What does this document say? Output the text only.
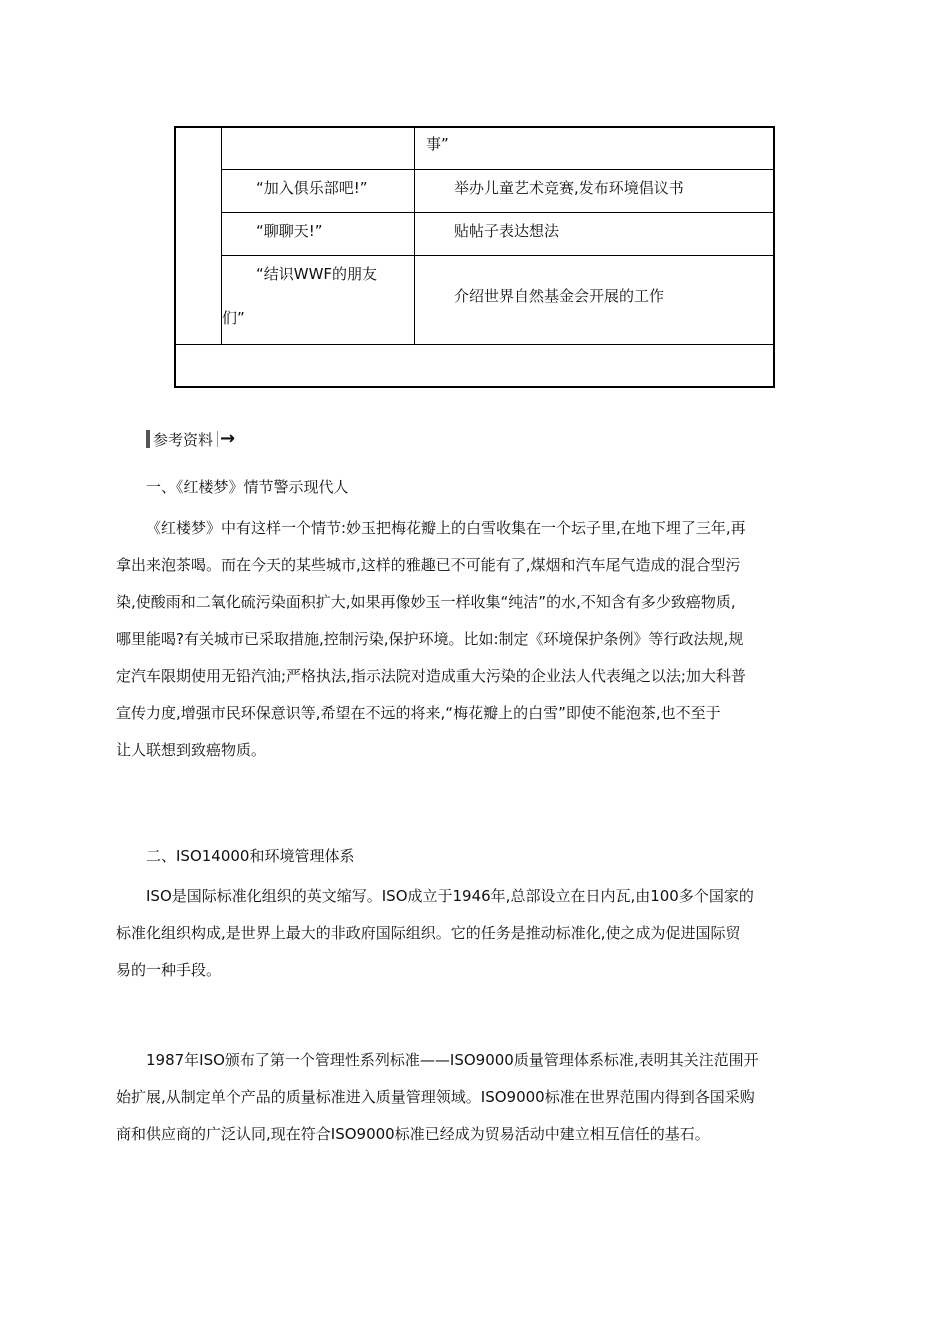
事”
“加入俱乐部吧!”	举办儿童艺术竞赛,发布环境倡议书
“聊聊天!”	贴帖子表达想法
“结识WWF的朋友
们”
介绍世界自然基金会开展的工作
参考资料 →
一、《红楼梦》情节警示现代人
《红楼梦》中有这样一个情节:妙玉把梅花瓣上的白雪收集在一个坛子里,在地下埋了三年,再
拿出来泡茶喝。而在今天的某些城市,这样的雅趣已不可能有了,煤烟和汽车尾气造成的混合型污
染,使酸雨和二氧化硫污染面积扩大,如果再像妙玉一样收集“纯洁”的水,不知含有多少致癌物质,
哪里能喝?有关城市已采取措施,控制污染,保护环境。比如:制定《环境保护条例》等行政法规,规
定汽车限期使用无铅汽油;严格执法,指示法院对造成重大污染的企业法人代表绳之以法;加大科普
宣传力度,增强市民环保意识等,希望在不远的将来,“梅花瓣上的白雪”即使不能泡茶,也不至于
让人联想到致癌物质。
二、ISO14000和环境管理体系
ISO是国际标准化组织的英文缩写。ISO成立于1946年,总部设立在日内瓦,由100多个国家的
标准化组织构成,是世界上最大的非政府国际组织。它的任务是推动标准化,使之成为促进国际贸
易的一种手段。
1987年ISO颁布了第一个管理性系列标准——ISO9000质量管理体系标准,表明其关注范围开
始扩展,从制定单个产品的质量标准进入质量管理领域。ISO9000标准在世界范围内得到各国采购
商和供应商的广泛认同,现在符合ISO9000标准已经成为贸易活动中建立相互信任的基石。
